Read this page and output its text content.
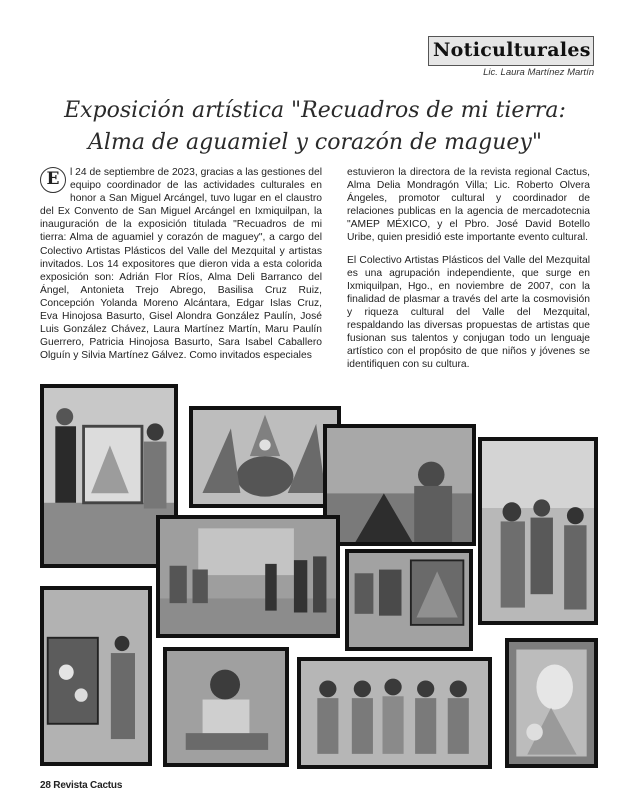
Noticulturales
Lic. Laura Martínez Martín
Exposición artística "Recuadros de mi tierra:
Alma de aguamiel y corazón de maguey"

E	l 24 de septiembre de 2023, gracias a las gestiones del equipo coordinador de las actividades culturales en honor a San Miguel Arcángel, tuvo lugar en el claustro del Ex Convento de San Miguel Arcángel en Ixmiquilpan, la inauguración de la exposición titulada "Recuadros de mi tierra: Alma de aguamiel y corazón de maguey", a cargo del Colectivo Artistas Plásticos del Valle del Mezquital y artistas invitados. Los 14 expositores que dieron vida a esta colorida exposición son: Adrián Flor Ríos, Alma Deli Barranco del Ángel, Antonieta Trejo Abrego, Basilisa Cruz Ruiz, Concepción Yolanda Moreno Alcántara, Edgar Islas Cruz, Eva Hinojosa Basurto, Gisel Alondra González Paulín, José Luis González Chávez, Laura Martínez Martín, Maru Paulín Guerrero, Patricia Hinojosa Basurto, Sara Isabel Caballero Olguín y Silvia Martínez Gálvez. Como invitados especiales

estuvieron la directora de la revista regional Cactus, Alma Delia Mondragón Villa; Lic. Roberto Olvera Ángeles, promotor cultural y coordinador de relaciones publicas en la agencia de mercadotecnia "AMEP MÉXICO, y el Pbro. José David Botello Uribe, quien presidió este importante evento cultural.

El Colectivo Artistas Plásticos del Valle del Mezquital es una agrupación independiente, que surge en Ixmiquilpan, Hgo., en noviembre de 2007, con la finalidad de plasmar a través del arte la cosmovisión y riqueza cultural del Valle del Mezquital, respaldando las diversas propuestas de artistas que fusionan sus talentos y conjugan todo un lenguaje artístico con el propósito de que niños y jóvenes se identifiquen con su cultura.

28 Revista Cactus
